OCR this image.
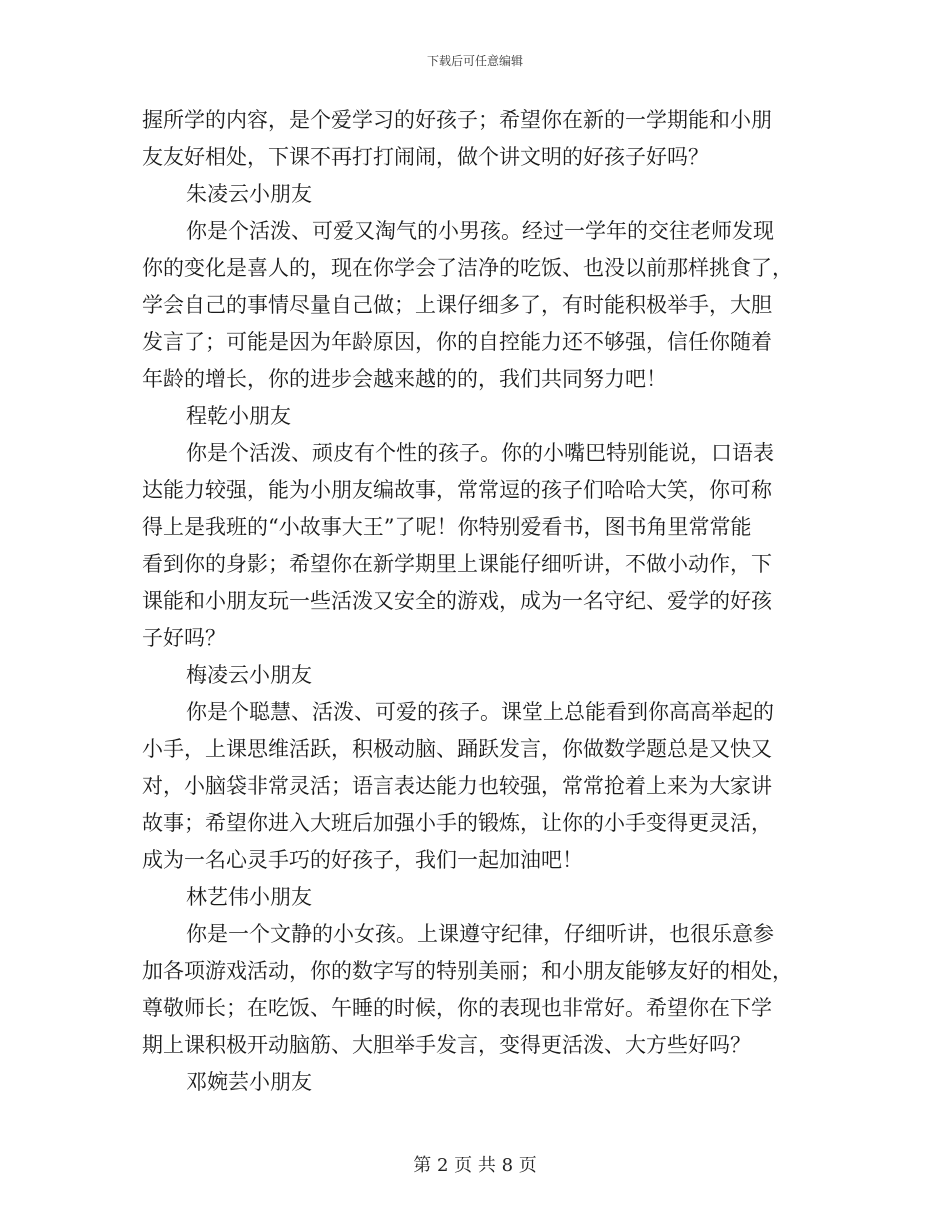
下载后可任意编辑
握所学的内容，是个爱学习的好孩子；希望你在新的一学期能和小朋
友友好相处，下课不再打打闹闹，做个讲文明的好孩子好吗？
朱凌云小朋友
你是个活泼、可爱又淘气的小男孩。经过一学年的交往老师发现
你的变化是喜人的，现在你学会了洁净的吃饭、也没以前那样挑食了，
学会自己的事情尽量自己做；上课仔细多了，有时能积极举手，大胆
发言了；可能是因为年龄原因，你的自控能力还不够强，信任你随着
年龄的增长，你的进步会越来越的的，我们共同努力吧！
程乾小朋友
你是个活泼、顽皮有个性的孩子。你的小嘴巴特别能说，口语表
达能力较强，能为小朋友编故事，常常逗的孩子们哈哈大笑，你可称
得上是我班的“小故事大王”了呢！你特别爱看书，图书角里常常能
看到你的身影；希望你在新学期里上课能仔细听讲，不做小动作，下
课能和小朋友玩一些活泼又安全的游戏，成为一名守纪、爱学的好孩
子好吗？
梅凌云小朋友
你是个聪慧、活泼、可爱的孩子。课堂上总能看到你高高举起的
小手，上课思维活跃，积极动脑、踊跃发言，你做数学题总是又快又
对，小脑袋非常灵活；语言表达能力也较强，常常抢着上来为大家讲
故事；希望你进入大班后加强小手的锻炼，让你的小手变得更灵活，
成为一名心灵手巧的好孩子，我们一起加油吧！
林艺伟小朋友
你是一个文静的小女孩。上课遵守纪律，仔细听讲，也很乐意参
加各项游戏活动，你的数字写的特别美丽；和小朋友能够友好的相处，
尊敬师长；在吃饭、午睡的时候，你的表现也非常好。希望你在下学
期上课积极开动脑筋、大胆举手发言，变得更活泼、大方些好吗？
邓婉芸小朋友
第 2 页 共 8 页
